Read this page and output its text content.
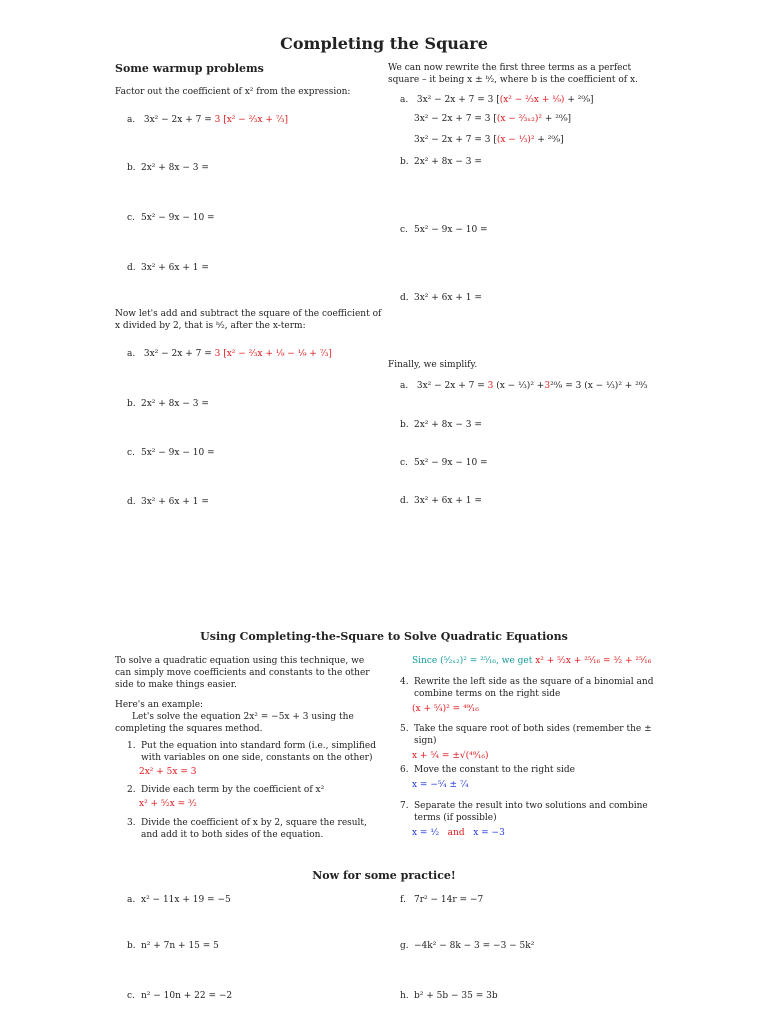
Completing the Square
Some warmup problems
Factor out the coefficient of x² from the expression:
a. 3x² − 2x + 7 = 3 [x² − ²⁄₃x + ⁷⁄₃]
b. 2x² + 8x − 3 =
c. 5x² − 9x − 10 =
d. 3x² + 6x + 1 =
Now let's add and subtract the square of the coefficient of x divided by 2, that is ᵇ⁄₂, after the x-term:
a. 3x² − 2x + 7 = 3 [x² − ²⁄₃x + ¹⁄₉ − ¹⁄₉ + ⁷⁄₃]
b. 2x² + 8x − 3 =
c. 5x² − 9x − 10 =
d. 3x² + 6x + 1 =
We can now rewrite the first three terms as a perfect square – it being x ± ᵇ⁄₂, where b is the coefficient of x.
a. 3x² − 2x + 7 = 3 [(x² − ²⁄₃x + ¹⁄₉) + ²⁰⁄₉]
3x² − 2x + 7 = 3 [(x − ²⁄₃ₓ₂)² + ²⁰⁄₉]
3x² − 2x + 7 = 3 [(x − ¹⁄₃)² + ²⁰⁄₉]
b. 2x² + 8x − 3 =
c. 5x² − 9x − 10 =
d. 3x² + 6x + 1 =
Finally, we simplify.
a. 3x² − 2x + 7 = 3 (x − ¹⁄₃)² +3²⁰⁄₉ = 3 (x − ¹⁄₃)² + ²⁰⁄₃
b. 2x² + 8x − 3 =
c. 5x² − 9x − 10 =
d. 3x² + 6x + 1 =
Using Completing-the-Square to Solve Quadratic Equations
To solve a quadratic equation using this technique, we can simply move coefficients and constants to the other side to make things easier.
Here's an example:
Let's solve the equation 2x² = −5x + 3 using the completing the squares method.
1. Put the equation into standard form (i.e., simplified with variables on one side, constants on the other)
2x² + 5x = 3
2. Divide each term by the coefficient of x²
x² + ⁵⁄₂x = ³⁄₂
3. Divide the coefficient of x by 2, square the result, and add it to both sides of the equation.
Since (⁵⁄₂ₓ₂)² = ²⁵⁄₁₆, we get x² + ⁵⁄₂x + ²⁵⁄₁₆ = ³⁄₂ + ²⁵⁄₁₆
4. Rewrite the left side as the square of a binomial and combine terms on the right side
(x + ⁵⁄₄)² = ⁴⁹⁄₁₆
5. Take the square root of both sides (remember the ± sign)
x + ⁵⁄₄ = ±√(⁴⁹⁄₁₆)
6. Move the constant to the right side
x = −⁵⁄₄ ± ⁷⁄₄
7. Separate the result into two solutions and combine terms (if possible)
x = ¹⁄₂ and x = −3
Now for some practice!
a. x² − 11x + 19 = −5
b. n² + 7n + 15 = 5
c. n² − 10n + 22 = −2
f. 7r² − 14r = −7
g. −4k² − 8k − 3 = −3 − 5k²
h. b² + 5b − 35 = 3b
